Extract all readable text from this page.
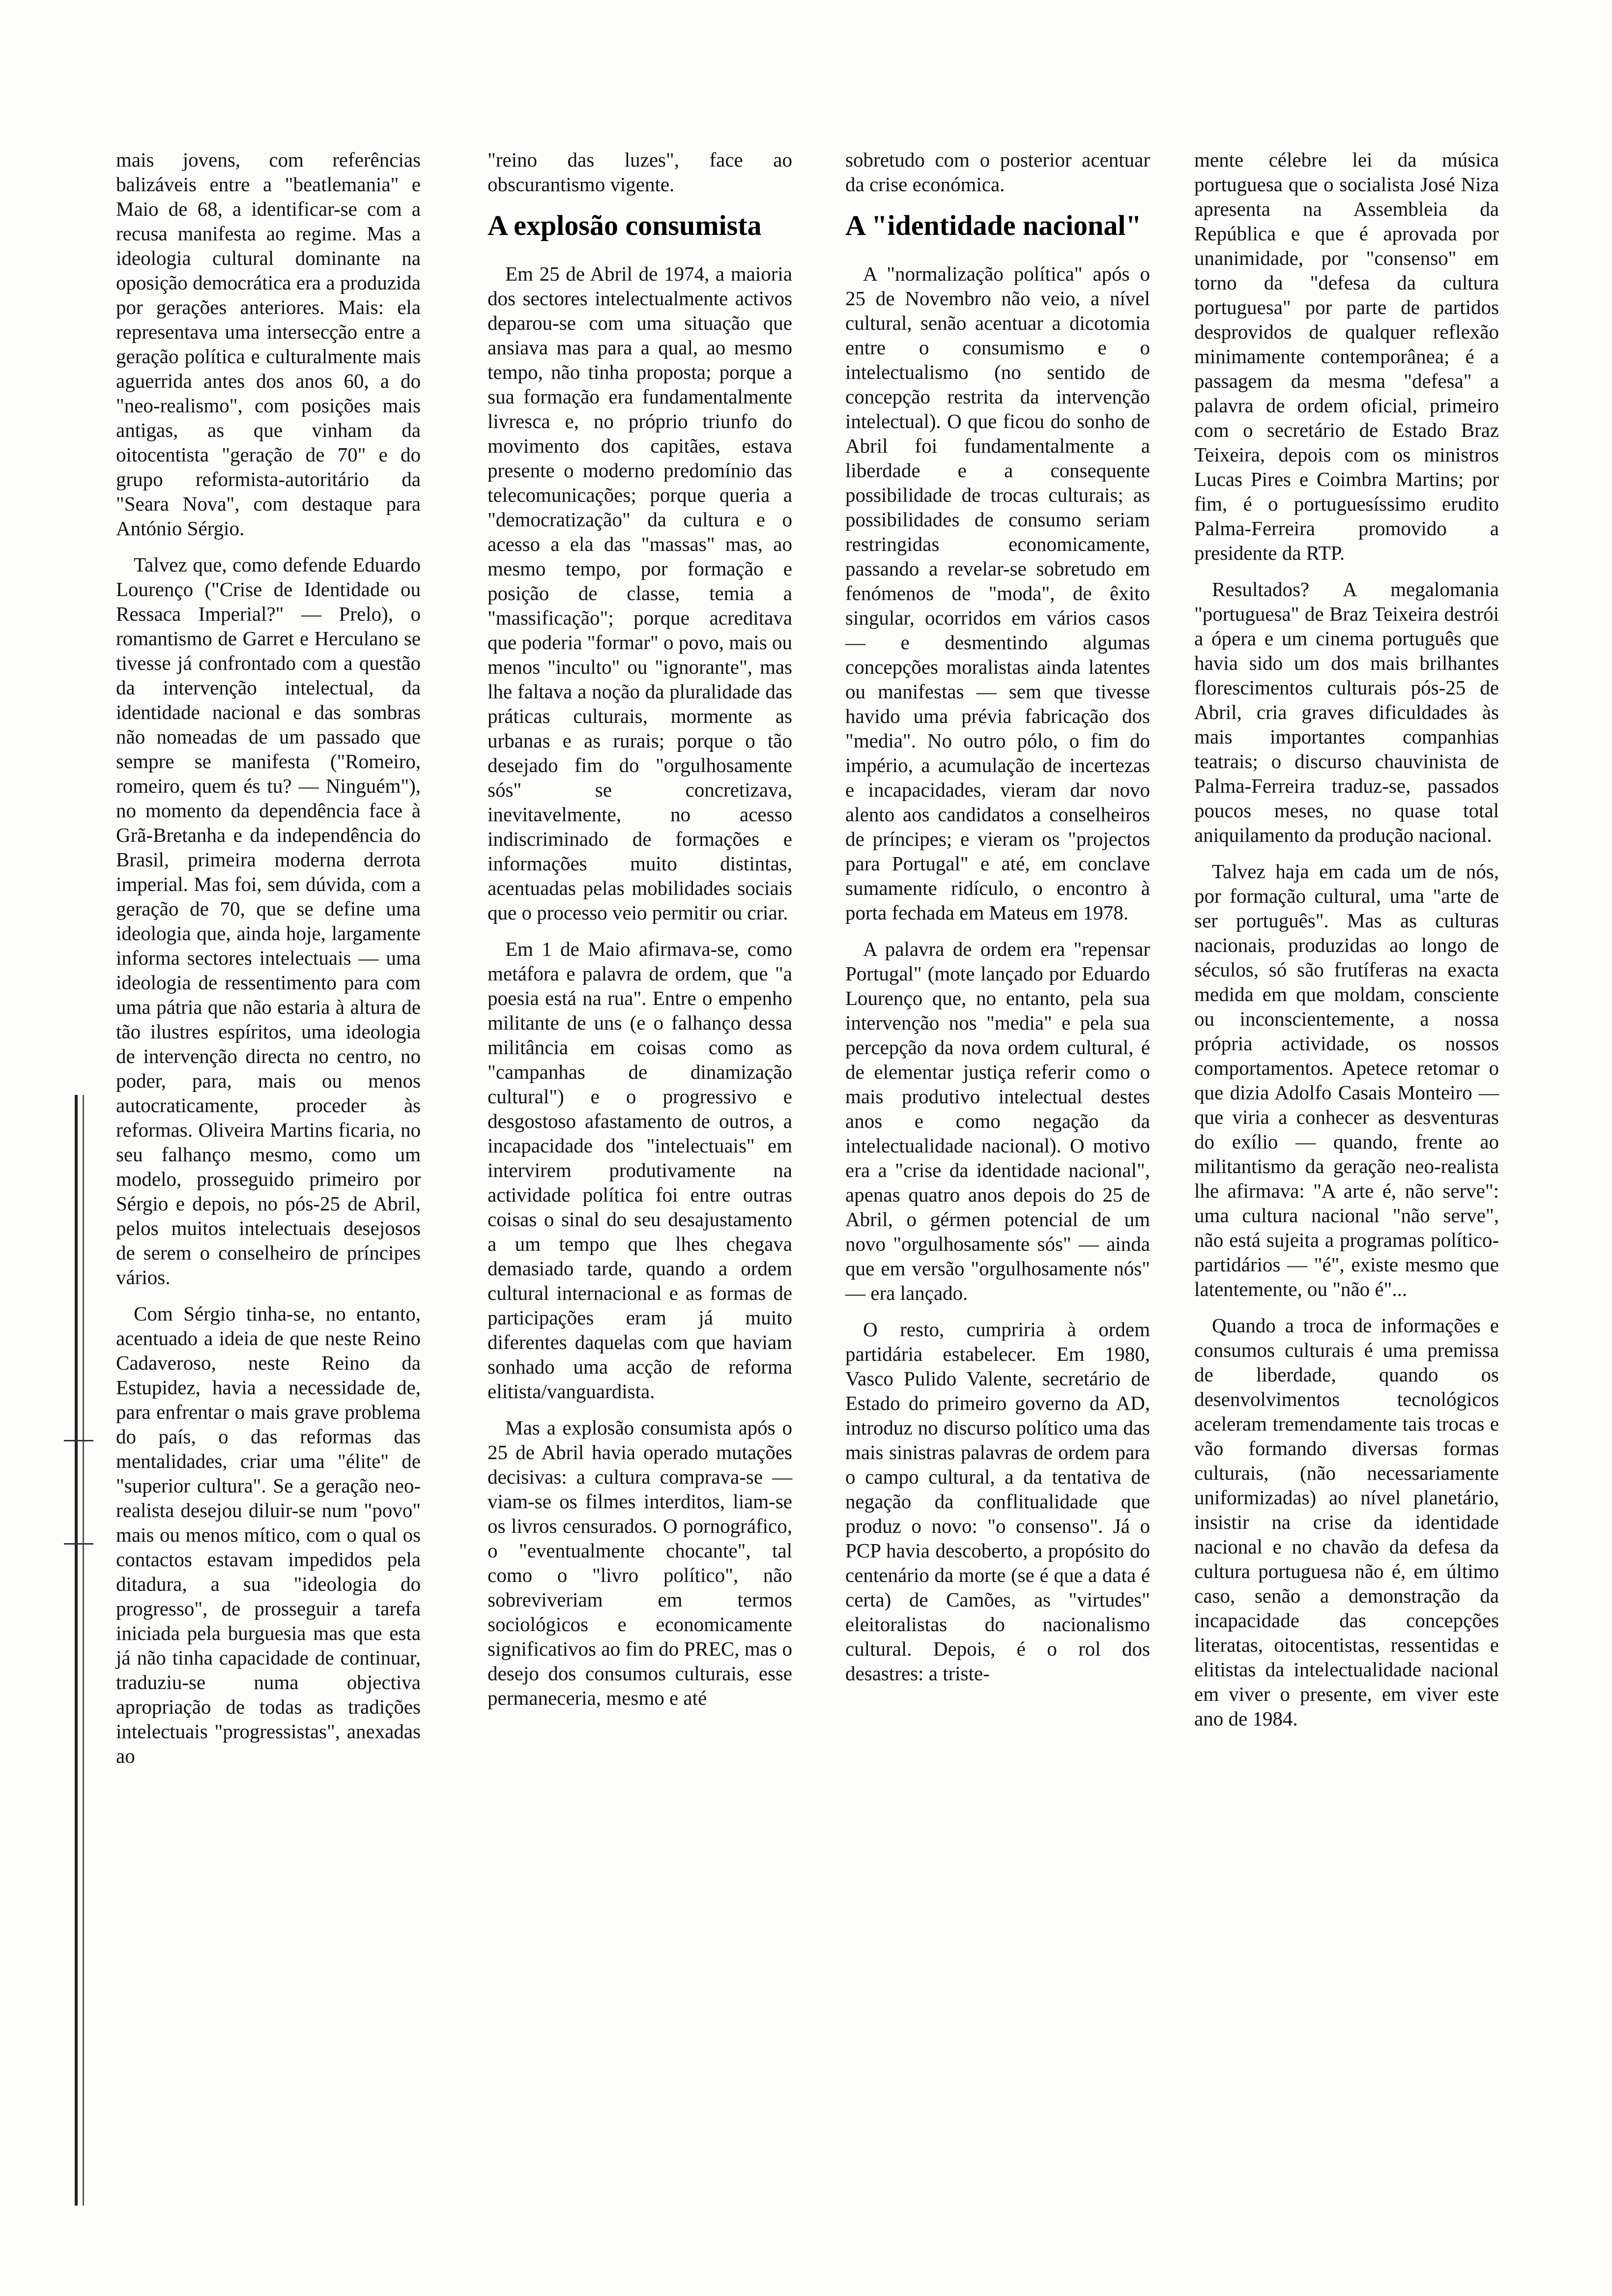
mais jovens, com referências balizáveis entre a "beatlemania" e Maio de 68, a identificar-se com a recusa manifesta ao regime. Mas a ideologia cultural dominante na oposição democrática era a produzida por gerações anteriores. Mais: ela representava uma intersecção entre a geração política e culturalmente mais aguerrida antes dos anos 60, a do "neo-realismo", com posições mais antigas, as que vinham da oitocentista "geração de 70" e do grupo reformista-autoritário da "Seara Nova", com destaque para António Sérgio.

Talvez que, como defende Eduardo Lourenço ("Crise de Identidade ou Ressaca Imperial?" — Prelo), o romantismo de Garret e Herculano se tivesse já confrontado com a questão da intervenção intelectual, da identidade nacional e das sombras não nomeadas de um passado que sempre se manifesta ("Romeiro, romeiro, quem és tu? — Ninguém"), no momento da dependência face à Grã-Bretanha e da independência do Brasil, primeira moderna derrota imperial. Mas foi, sem dúvida, com a geração de 70, que se define uma ideologia que, ainda hoje, largamente informa sectores intelectuais — uma ideologia de ressentimento para com uma pátria que não estaria à altura de tão ilustres espíritos, uma ideologia de intervenção directa no centro, no poder, para, mais ou menos autocraticamente, proceder às reformas. Oliveira Martins ficaria, no seu falhanço mesmo, como um modelo, prosseguido primeiro por Sérgio e depois, no pós-25 de Abril, pelos muitos intelectuais desejosos de serem o conselheiro de príncipes vários.

Com Sérgio tinha-se, no entanto, acentuado a ideia de que neste Reino Cadaveroso, neste Reino da Estupidez, havia a necessidade de, para enfrentar o mais grave problema do país, o das reformas das mentalidades, criar uma "élite" de "superior cultura". Se a geração neo-realista desejou diluir-se num "povo" mais ou menos mítico, com o qual os contactos estavam impedidos pela ditadura, a sua "ideologia do progresso", de prosseguir a tarefa iniciada pela burguesia mas que esta já não tinha capacidade de continuar, traduziu-se numa objectiva apropriação de todas as tradições intelectuais "progressistas", anexadas ao

"reino das luzes", face ao obscurantismo vigente.

A explosão consumista

Em 25 de Abril de 1974, a maioria dos sectores intelectualmente activos deparou-se com uma situação que ansiava mas para a qual, ao mesmo tempo, não tinha proposta; porque a sua formação era fundamentalmente livresca e, no próprio triunfo do movimento dos capitães, estava presente o moderno predomínio das telecomunicações; porque queria a "democratização" da cultura e o acesso a ela das "massas" mas, ao mesmo tempo, por formação e posição de classe, temia a "massificação"; porque acreditava que poderia "formar" o povo, mais ou menos "inculto" ou "ignorante", mas lhe faltava a noção da pluralidade das práticas culturais, mormente as urbanas e as rurais; porque o tão desejado fim do "orgulhosamente sós" se concretizava, inevitavelmente, no acesso indiscriminado de formações e informações muito distintas, acentuadas pelas mobilidades sociais que o processo veio permitir ou criar.

Em 1 de Maio afirmava-se, como metáfora e palavra de ordem, que "a poesia está na rua". Entre o empenho militante de uns (e o falhanço dessa militância em coisas como as "campanhas de dinamização cultural") e o progressivo e desgostoso afastamento de outros, a incapacidade dos "intelectuais" em intervirem produtivamente na actividade política foi entre outras coisas o sinal do seu desajustamento a um tempo que lhes chegava demasiado tarde, quando a ordem cultural internacional e as formas de participações eram já muito diferentes daquelas com que haviam sonhado uma acção de reforma elitista/vanguardista.

Mas a explosão consumista após o 25 de Abril havia operado mutações decisivas: a cultura comprava-se — viam-se os filmes interditos, liam-se os livros censurados. O pornográfico, o "eventualmente chocante", tal como o "livro político", não sobreviveriam em termos sociológicos e economicamente significativos ao fim do PREC, mas o desejo dos consumos culturais, esse permaneceria, mesmo e até

sobretudo com o posterior acentuar da crise económica.

A "identidade nacional"

A "normalização política" após o 25 de Novembro não veio, a nível cultural, senão acentuar a dicotomia entre o consumismo e o intelectualismo (no sentido de concepção restrita da intervenção intelectual). O que ficou do sonho de Abril foi fundamentalmente a liberdade e a consequente possibilidade de trocas culturais; as possibilidades de consumo seriam restringidas economicamente, passando a revelar-se sobretudo em fenómenos de "moda", de êxito singular, ocorridos em vários casos — e desmentindo algumas concepções moralistas ainda latentes ou manifestas — sem que tivesse havido uma prévia fabricação dos "media". No outro pólo, o fim do império, a acumulação de incertezas e incapacidades, vieram dar novo alento aos candidatos a conselheiros de príncipes; e vieram os "projectos para Portugal" e até, em conclave sumamente ridículo, o encontro à porta fechada em Mateus em 1978.

A palavra de ordem era "repensar Portugal" (mote lançado por Eduardo Lourenço que, no entanto, pela sua intervenção nos "media" e pela sua percepção da nova ordem cultural, é de elementar justiça referir como o mais produtivo intelectual destes anos e como negação da intelectualidade nacional). O motivo era a "crise da identidade nacional", apenas quatro anos depois do 25 de Abril, o gérmen potencial de um novo "orgulhosamente sós" — ainda que em versão "orgulhosamente nós" — era lançado.

O resto, cumpriria à ordem partidária estabelecer. Em 1980, Vasco Pulido Valente, secretário de Estado do primeiro governo da AD, introduz no discurso político uma das mais sinistras palavras de ordem para o campo cultural, a da tentativa de negação da conflitualidade que produz o novo: "o consenso". Já o PCP havia descoberto, a propósito do centenário da morte (se é que a data é certa) de Camões, as "virtudes" eleitoralistas do nacionalismo cultural. Depois, é o rol dos desastres: a triste-

mente célebre lei da música portuguesa que o socialista José Niza apresenta na Assembleia da República e que é aprovada por unanimidade, por "consenso" em torno da "defesa da cultura portuguesa" por parte de partidos desprovidos de qualquer reflexão minimamente contemporânea; é a passagem da mesma "defesa" a palavra de ordem oficial, primeiro com o secretário de Estado Braz Teixeira, depois com os ministros Lucas Pires e Coimbra Martins; por fim, é o portuguesíssimo erudito Palma-Ferreira promovido a presidente da RTP.

Resultados? A megalomania "portuguesa" de Braz Teixeira destrói a ópera e um cinema português que havia sido um dos mais brilhantes florescimentos culturais pós-25 de Abril, cria graves dificuldades às mais importantes companhias teatrais; o discurso chauvinista de Palma-Ferreira traduz-se, passados poucos meses, no quase total aniquilamento da produção nacional.

Talvez haja em cada um de nós, por formação cultural, uma "arte de ser português". Mas as culturas nacionais, produzidas ao longo de séculos, só são frutíferas na exacta medida em que moldam, consciente ou inconscientemente, a nossa própria actividade, os nossos comportamentos. Apetece retomar o que dizia Adolfo Casais Monteiro — que viria a conhecer as desventuras do exílio — quando, frente ao militantismo da geração neo-realista lhe afirmava: "A arte é, não serve": uma cultura nacional "não serve", não está sujeita a programas político-partidários — "é", existe mesmo que latentemente, ou "não é"...

Quando a troca de informações e consumos culturais é uma premissa de liberdade, quando os desenvolvimentos tecnológicos aceleram tremendamente tais trocas e vão formando diversas formas culturais, (não necessariamente uniformizadas) ao nível planetário, insistir na crise da identidade nacional e no chavão da defesa da cultura portuguesa não é, em último caso, senão a demonstração da incapacidade das concepções literatas, oitocentistas, ressentidas e elitistas da intelectualidade nacional em viver o presente, em viver este ano de 1984.
